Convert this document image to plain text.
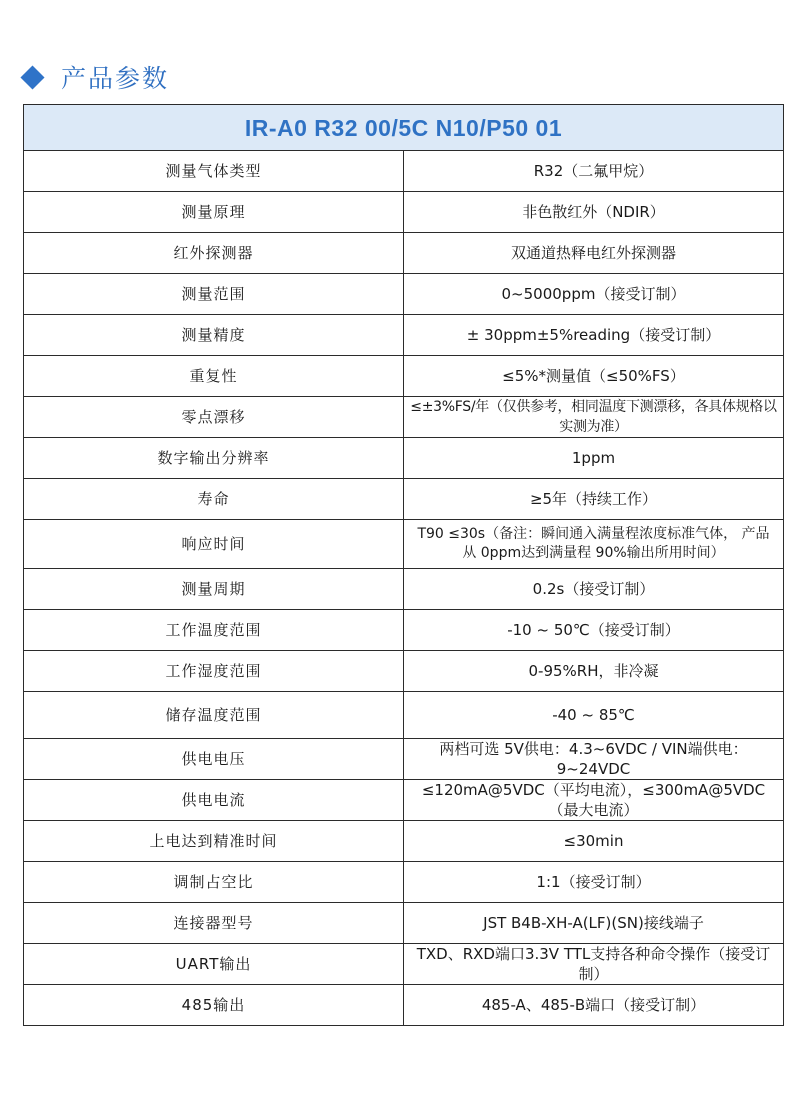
产品参数
IR-A0 R32 00/5C N10/P50 01	
测量气体类型	R32（二氟甲烷）
测量原理	非色散红外（NDIR）
红外探测器	双通道热释电红外探测器
测量范围	0~5000ppm（接受订制）
测量精度	± 30ppm±5%reading（接受订制）
重复性	≤5%*测量值（≤50%FS）
零点漂移	≤±3%FS/年（仅供参考，相同温度下测漂移，各具体规格以实测为准）
数字输出分辨率	1ppm
寿命	≥5年（持续工作）
响应时间	T90 ≤30s（备注：瞬间通入满量程浓度标准气体， 产品 从 0ppm达到满量程 90%输出所用时间）
测量周期	0.2s（接受订制）
工作温度范围	-10 ~ 50℃（接受订制）
工作湿度范围	0-95%RH，非冷凝
储存温度范围	-40 ~ 85℃
供电电压	两档可选 5V供电：4.3~6VDC / VIN端供电：9~24VDC
供电电流	≤120mA@5VDC（平均电流），≤300mA@5VDC（最大电流）
上电达到精准时间	≤30min
调制占空比	1:1（接受订制）
连接器型号	JST B4B-XH-A(LF)(SN)接线端子
UART输出	TXD、RXD端口3.3V TTL支持各种命令操作（接受订制）
485输出	485-A、485-B端口（接受订制）
